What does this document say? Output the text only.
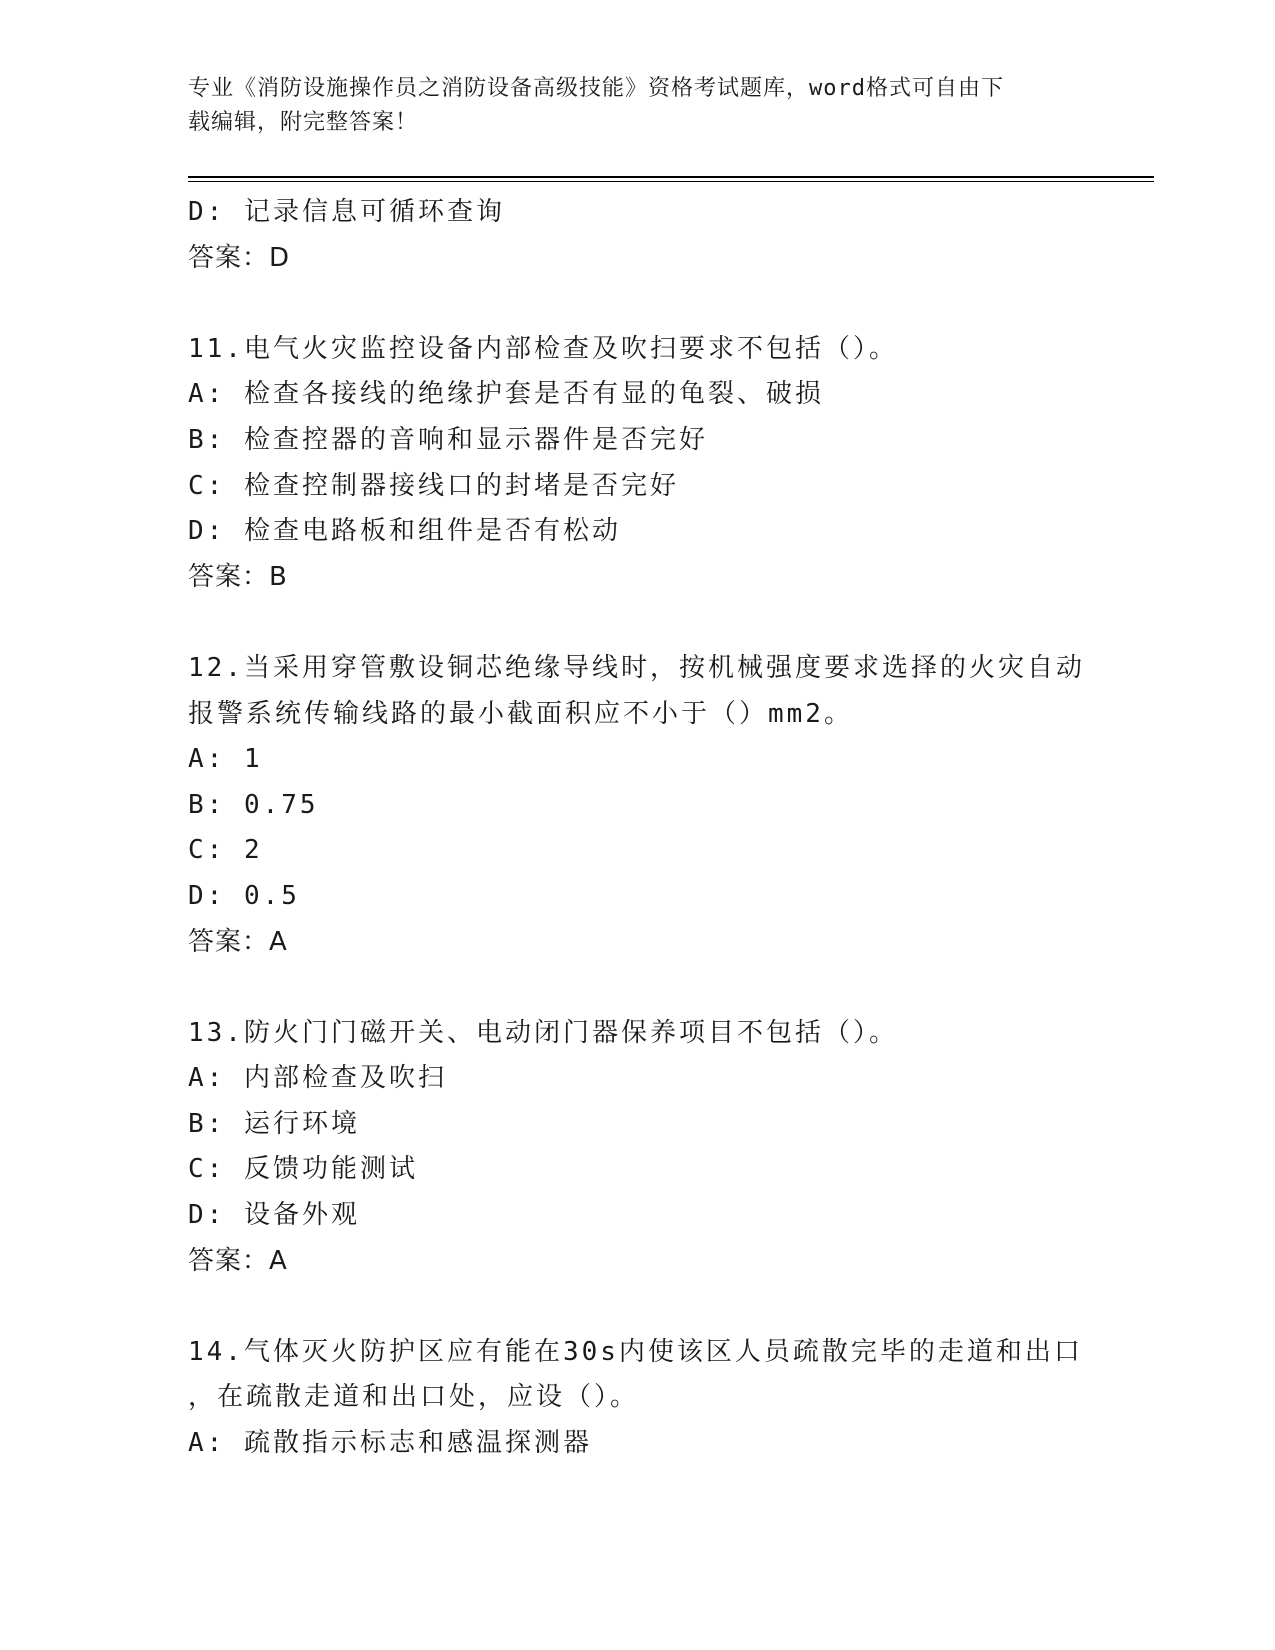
专业《消防设施操作员之消防设备高级技能》资格考试题库，word格式可自由下
载编辑，附完整答案！
D: 记录信息可循环查询
答案：D
11.电气火灾监控设备内部检查及吹扫要求不包括（）。
A: 检查各接线的绝缘护套是否有显的龟裂、破损
B: 检查控器的音响和显示器件是否完好
C: 检查控制器接线口的封堵是否完好
D: 检查电路板和组件是否有松动
答案：B
12.当采用穿管敷设铜芯绝缘导线时，按机械强度要求选择的火灾自动
报警系统传输线路的最小截面积应不小于（）mm2。
A: 1
B: 0.75
C: 2
D: 0.5
答案：A
13.防火门门磁开关、电动闭门器保养项目不包括（）。
A: 内部检查及吹扫
B: 运行环境
C: 反馈功能测试
D: 设备外观
答案：A
14.气体灭火防护区应有能在30s内使该区人员疏散完毕的走道和出口
，在疏散走道和出口处，应设（）。
A: 疏散指示标志和感温探测器
